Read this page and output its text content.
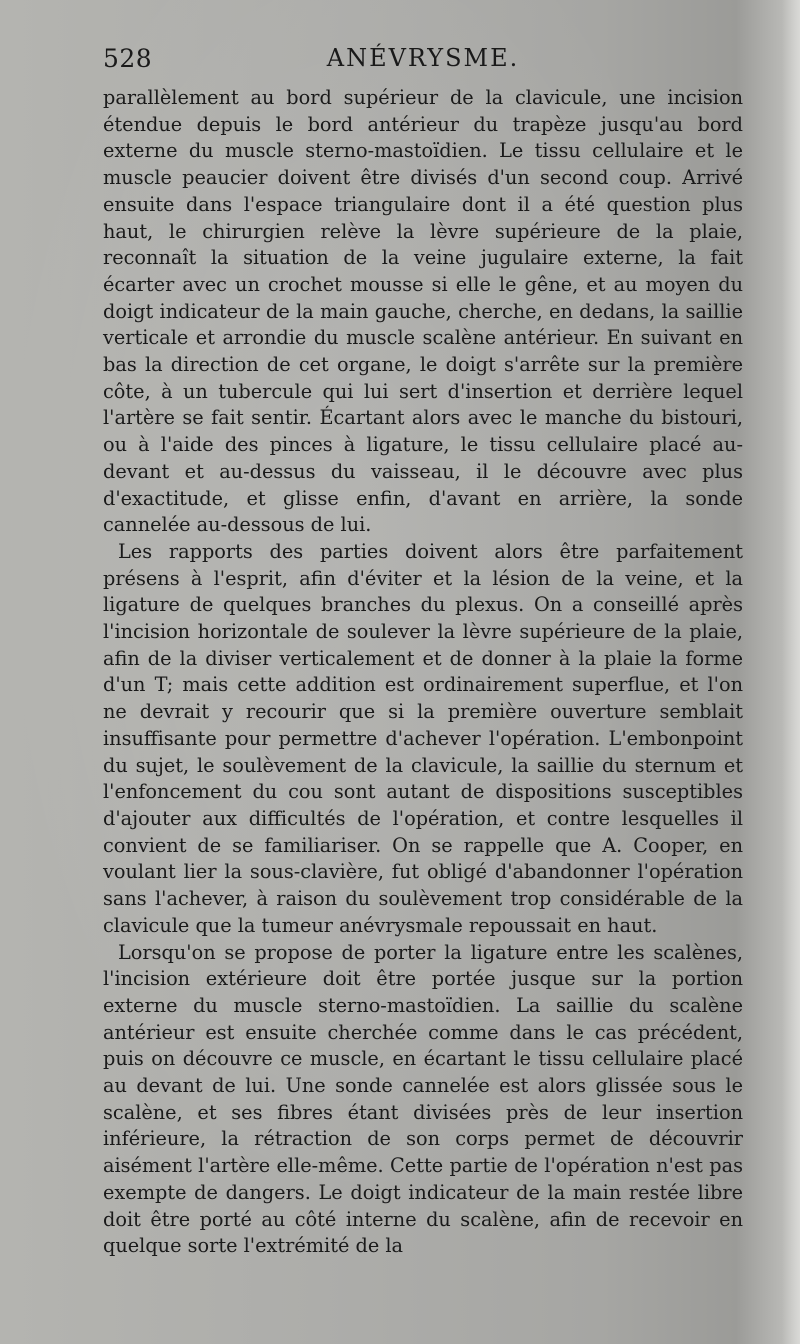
528	ANÉVRYSME.

parallèlement au bord supérieur de la clavicule, une incision étendue depuis le bord antérieur du trapèze jusqu'au bord externe du muscle sterno-mastoïdien. Le tissu cellulaire et le muscle peaucier doivent être divisés d'un second coup. Arrivé ensuite dans l'espace triangulaire dont il a été question plus haut, le chirurgien relève la lèvre supérieure de la plaie, reconnaît la situation de la veine jugulaire externe, la fait écarter avec un crochet mousse si elle le gêne, et au moyen du doigt indicateur de la main gauche, cherche, en dedans, la saillie verticale et arrondie du muscle scalène antérieur. En suivant en bas la direction de cet organe, le doigt s'arrête sur la première côte, à un tubercule qui lui sert d'insertion et derrière lequel l'artère se fait sentir. Écartant alors avec le manche du bistouri, ou à l'aide des pinces à ligature, le tissu cellulaire placé au-devant et au-dessus du vaisseau, il le découvre avec plus d'exactitude, et glisse enfin, d'avant en arrière, la sonde cannelée au-dessous de lui.

Les rapports des parties doivent alors être parfaitement présens à l'esprit, afin d'éviter et la lésion de la veine, et la ligature de quelques branches du plexus. On a conseillé après l'incision horizontale de soulever la lèvre supérieure de la plaie, afin de la diviser verticalement et de donner à la plaie la forme d'un T; mais cette addition est ordinairement superflue, et l'on ne devrait y recourir que si la première ouverture semblait insuffisante pour permettre d'achever l'opération. L'embonpoint du sujet, le soulèvement de la clavicule, la saillie du sternum et l'enfoncement du cou sont autant de dispositions susceptibles d'ajouter aux difficultés de l'opération, et contre lesquelles il convient de se familiariser. On se rappelle que A. Cooper, en voulant lier la sous-clavière, fut obligé d'abandonner l'opération sans l'achever, à raison du soulèvement trop considérable de la clavicule que la tumeur anévrysmale repoussait en haut.

Lorsqu'on se propose de porter la ligature entre les scalènes, l'incision extérieure doit être portée jusque sur la portion externe du muscle sterno-mastoïdien. La saillie du scalène antérieur est ensuite cherchée comme dans le cas précédent, puis on découvre ce muscle, en écartant le tissu cellulaire placé au devant de lui. Une sonde cannelée est alors glissée sous le scalène, et ses fibres étant divisées près de leur insertion inférieure, la rétraction de son corps permet de découvrir aisément l'artère elle-même. Cette partie de l'opération n'est pas exempte de dangers. Le doigt indicateur de la main restée libre doit être porté au côté interne du scalène, afin de recevoir en quelque sorte l'extrémité de la
